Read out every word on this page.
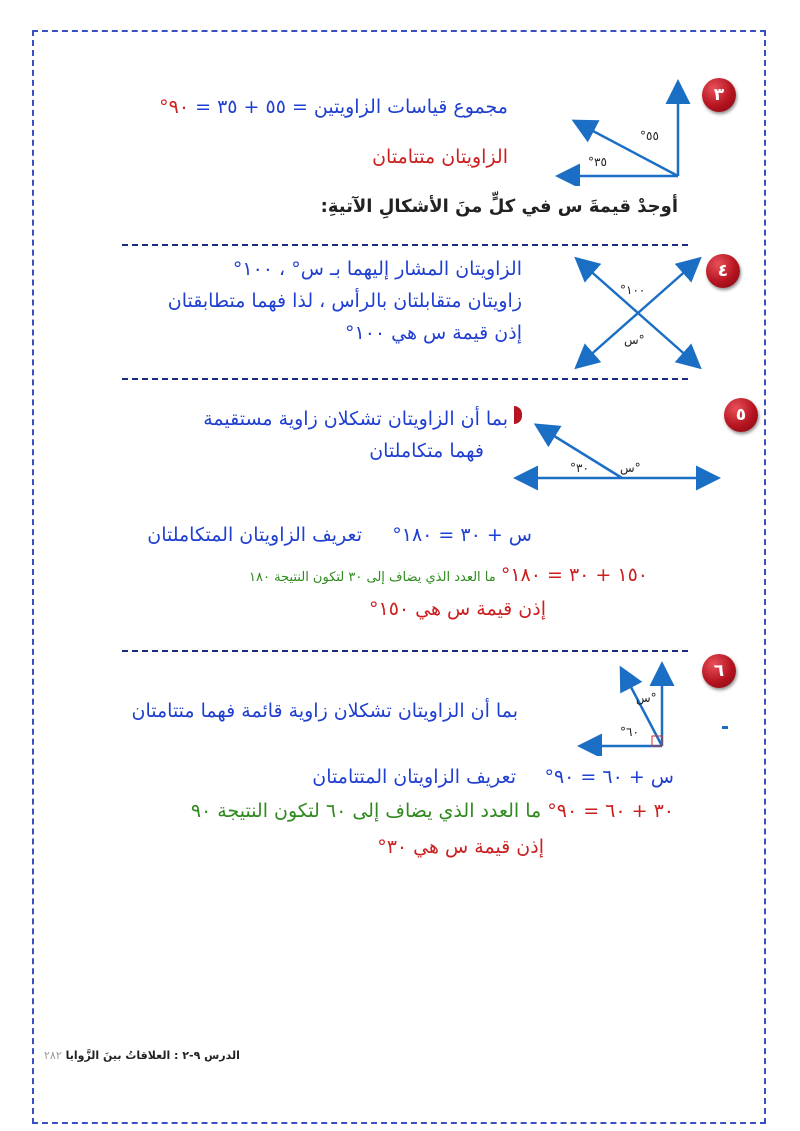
٣
°٥٥
°٣٥
مجموع قياسات الزاويتين = ٥٥ + ٣٥ = ٩٠°
الزاويتان متتامتان
أوجدْ قيمةَ س في كلٍّ منَ الأشكالِ الآتيةِ:
٤
°١٠٠
س°
الزاويتان المشار إليهما بـ س° ، ١٠٠°
زاويتان متقابلتان بالرأس ، لذا فهما متطابقتان
إذن قيمة س هي ١٠٠°
٥
°٣٠	س°
بما أن الزاويتان تشكلان زاوية مستقيمة
فهما متكاملتان
س + ٣٠ = ١٨٠°
تعريف الزاويتان المتكاملتان
١٥٠ + ٣٠ = ١٨٠° ما العدد الذي يضاف إلى ٣٠ لتكون النتيجة ١٨٠
إذن قيمة س هي ١٥٠°
٦
س°
°٦٠
بما أن الزاويتان تشكلان زاوية قائمة فهما متتامتان
س + ٦٠ = ٩٠°
تعريف الزاويتان المتتامتان
٣٠ + ٦٠ = ٩٠° ما العدد الذي يضاف إلى ٦٠ لتكون النتيجة ٩٠
إذن قيمة س هي ٣٠°
الدرس ٩-٢ : العلاقاتُ بينَ الزَّوايا ٢٨٢
